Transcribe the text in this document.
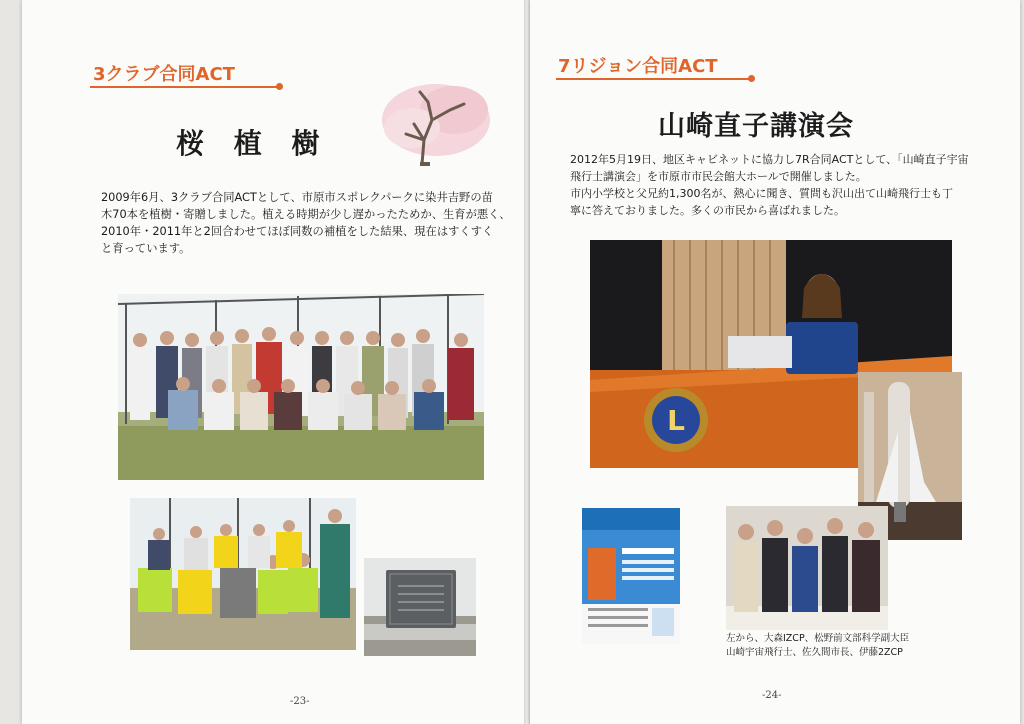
3クラブ合同ACT
桜 植 樹

2009年6月、3クラブ合同ACTとして、市原市スポレクパークに染井吉野の苗

木70本を植樹・寄贈しました。植える時期が少し遅かったためか、生育が悪く、

2010年・2011年と2回合わせてほぼ同数の補植をした結果、現在はすくすく

と育っています。

-23-
7リジョン合同ACT
山崎直子講演会

2012年5月19日、地区キャビネットに協力し7R合同ACTとして、「山崎直子宇宙

飛行士講演会」を市原市市民会館大ホールで開催しました。

市内小学校と父兄約1,300名が、熱心に聞き、質問も沢山出て山崎飛行士も丁

寧に答えておりました。多くの市民から喜ばれました。

L

左から、大森IZCP、松野前文部科学副大臣

山崎宇宙飛行士、佐久間市長、伊藤2ZCP

-24-
